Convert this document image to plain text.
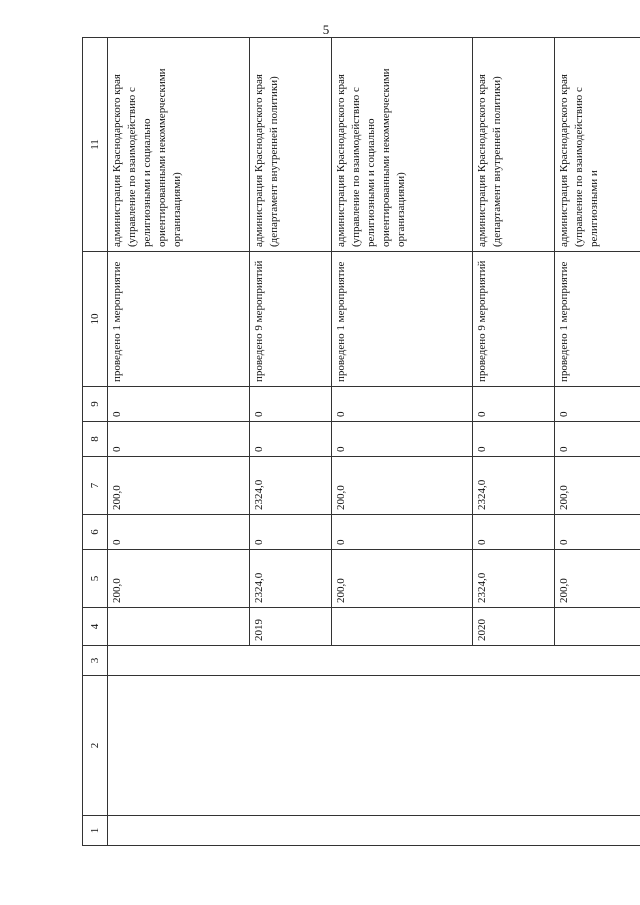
5
1	2	3	4	5	6	7	8	9	10	11
				200,0	0	200,0	0	0	проведено 1 мероприятие	администрация Краснодарского края (управление по взаимодействию с религиозными и социально ориентированными некоммерческими организациями)
			2019	2324,0	0	2324,0	0	0	проведено 9 мероприятий	администрация Краснодарского края (департамент внутренней политики)
				200,0	0	200,0	0	0	проведено 1 мероприятие	администрация Краснодарского края (управление по взаимодействию с религиозными и социально ориентированными некоммерческими организациями)
			2020	2324,0	0	2324,0	0	0	проведено 9 мероприятий	администрация Краснодарского края (департамент внутренней политики)
				200,0	0	200,0	0	0	проведено 1 мероприятие	администрация Краснодарского края (управление по взаимодействию с религиозными и
